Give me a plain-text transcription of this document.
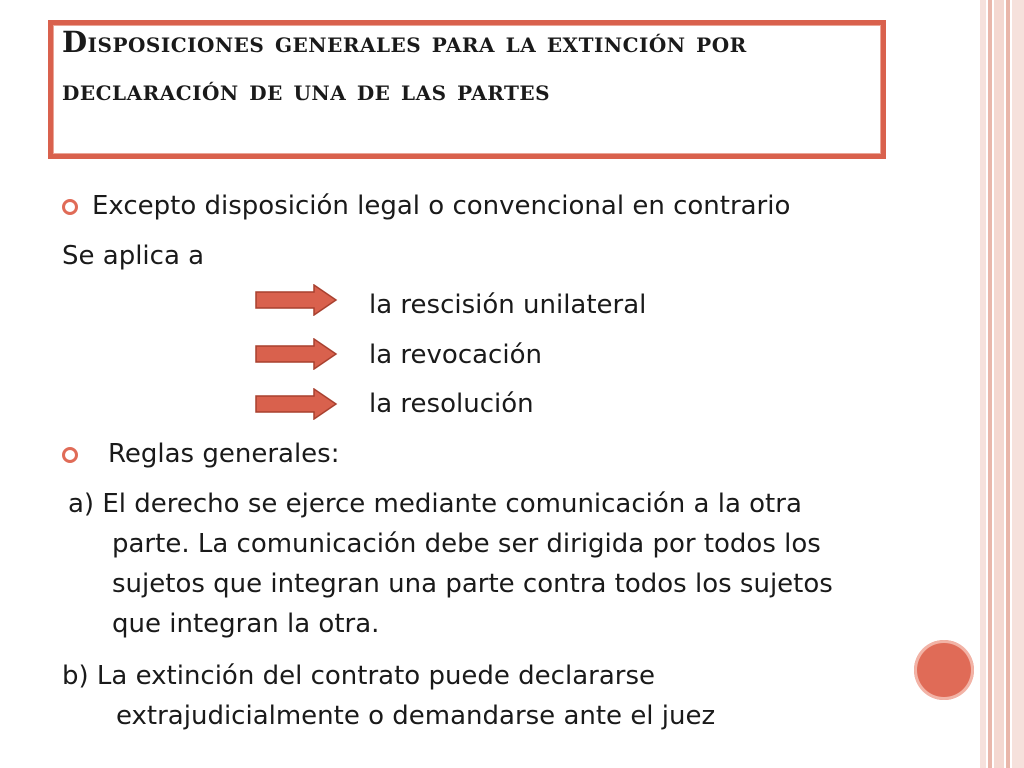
Disposiciones generales para la extinción por declaración de una de las partes
Excepto disposición legal o convencional en contrario
Se aplica a
la rescisión unilateral
la revocación
la resolución
Reglas generales:
a) El derecho se ejerce mediante comunicación a la otra
parte. La comunicación debe ser dirigida por todos los
sujetos que integran una parte contra todos los sujetos
que integran la otra.
b) La extinción del contrato puede declararse
extrajudicialmente o demandarse ante el juez
